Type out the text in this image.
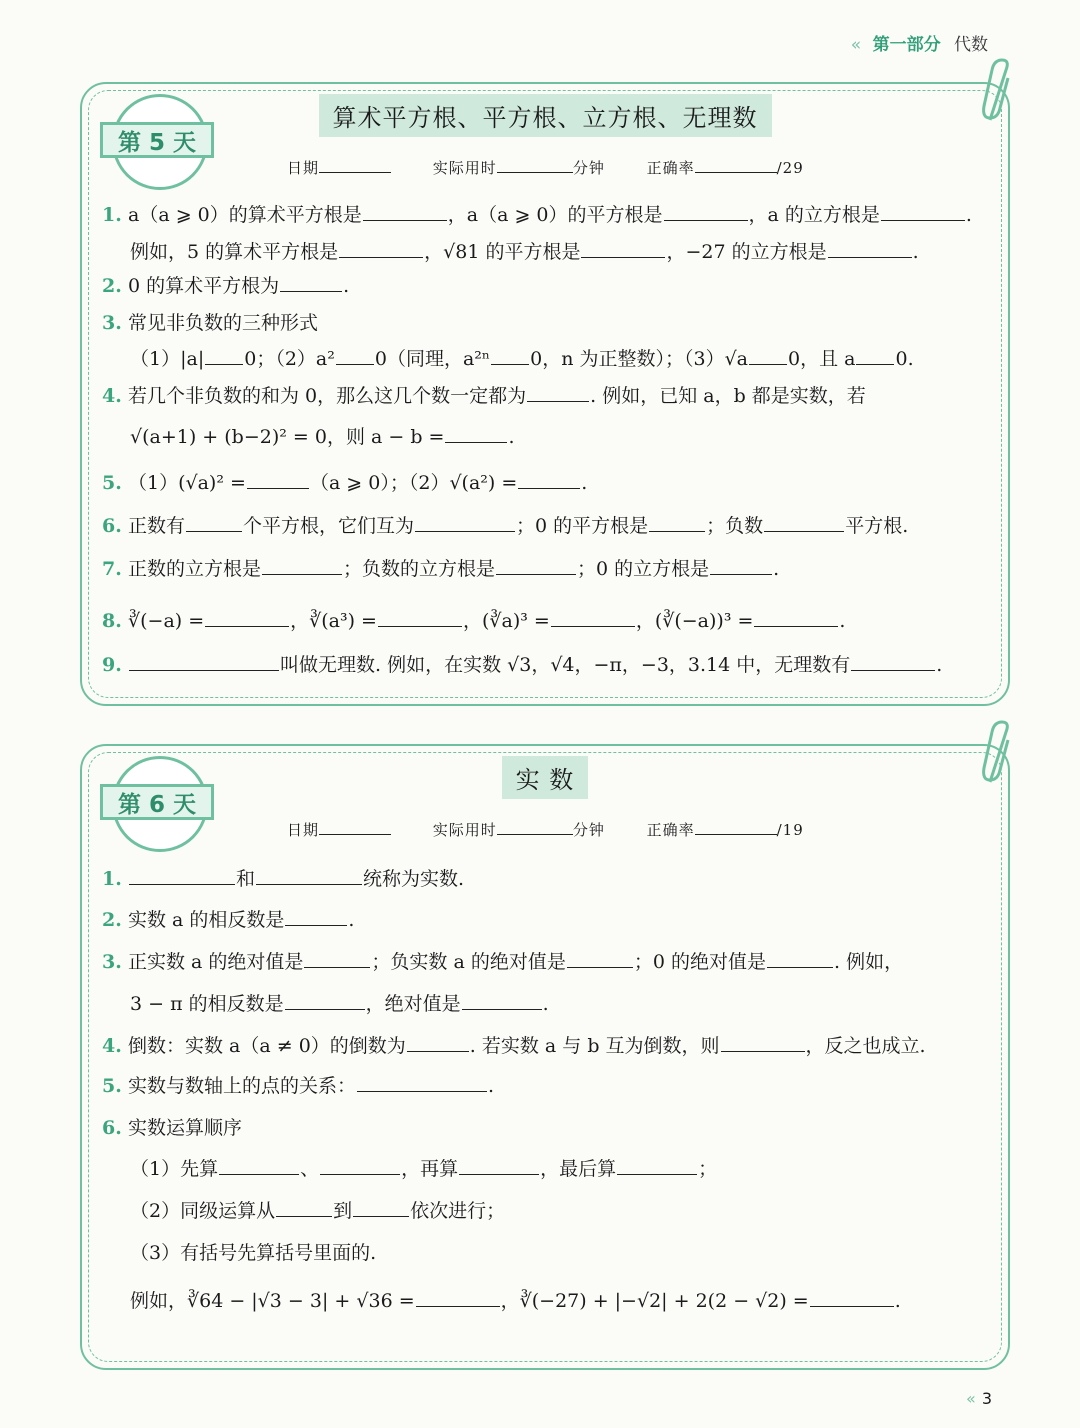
« 第一部分 代数
第 5 天
算术平方根、平方根、立方根、无理数
日期	实际用时	分钟	正确率	/29
1. a（a ⩾ 0）的算术平方根是	，a（a ⩾ 0）的平方根是	，a 的立方根是	.
例如，5 的算术平方根是	，√81 的平方根是	，−27 的立方根是	.
2. 0 的算术平方根为	.
3. 常见非负数的三种形式
（1）|a| 0；（2）a² 0（同理，a²ⁿ 0，n 为正整数）；（3）√a 0，且 a 0.
4. 若几个非负数的和为 0，那么这几个数一定都为	. 例如，已知 a，b 都是实数，若
√(a+1) + (b−2)² = 0，则 a − b =	.
5. （1）(√a)² =	（a ⩾ 0）；（2）√(a²) =	.
6. 正数有	个平方根，它们互为	；0 的平方根是	；负数	平方根.
7. 正数的立方根是	；负数的立方根是	；0 的立方根是	.
8. ∛(−a) =	，∛(a³) =	，(∛a)³ =	，(∛(−a))³ =	.
9.	叫做无理数. 例如，在实数 √3，√4，−π，−3，3.14 中，无理数有	.
第 6 天
实 数
日期	实际用时	分钟	正确率	/19
1.	和	统称为实数.
2. 实数 a 的相反数是	.
3. 正实数 a 的绝对值是	；负实数 a 的绝对值是	；0 的绝对值是	. 例如，
3 − π 的相反数是	，绝对值是	.
4. 倒数：实数 a（a ≠ 0）的倒数为	. 若实数 a 与 b 互为倒数，则	，反之也成立.
5. 实数与数轴上的点的关系：	.
6. 实数运算顺序
（1）先算	、	，再算	，最后算	；
（2）同级运算从	到	依次进行；
（3）有括号先算括号里面的.
例如，∛64 − |√3 − 3| + √36 =	，∛(−27) + |−√2| + 2(2 − √2) =	.
« 3
